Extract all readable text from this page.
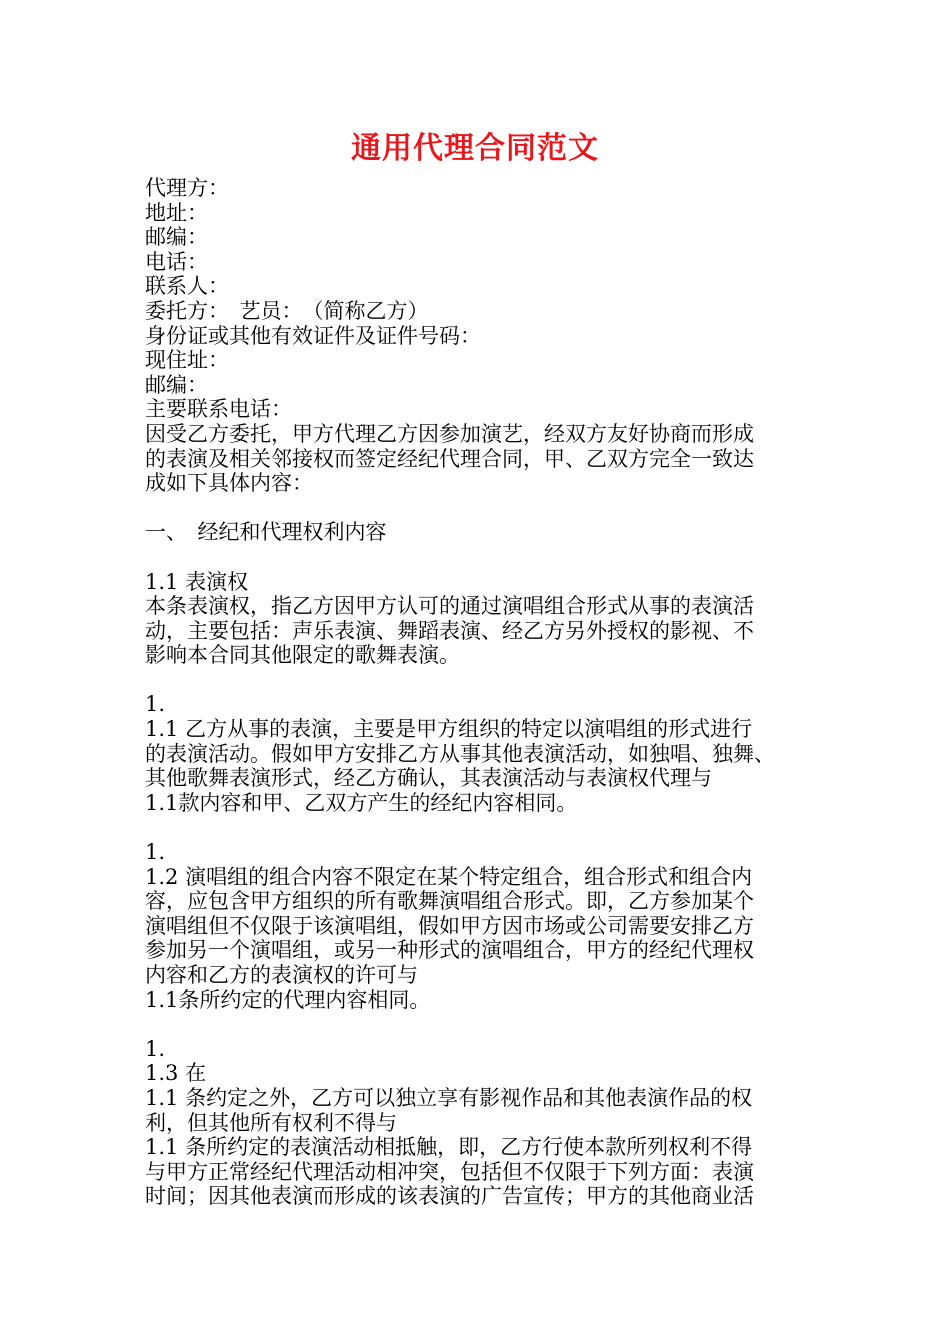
通用代理合同范文
代理方：
地址：
邮编：
电话：
联系人：
委托方：　艺员：　（简称乙方）
身份证或其他有效证件及证件号码：
现住址：
邮编：
主要联系电话：
因受乙方委托，甲方代理乙方因参加演艺，经双方友好协商而形成
的表演及相关邻接权而签定经纪代理合同，甲、乙双方完全一致达
成如下具体内容：
一、　经纪和代理权利内容
1.1 表演权
本条表演权，指乙方因甲方认可的通过演唱组合形式从事的表演活
动，主要包括：声乐表演、舞蹈表演、经乙方另外授权的影视、不
影响本合同其他限定的歌舞表演。
1.
1.1 乙方从事的表演，主要是甲方组织的特定以演唱组的形式进行
的表演活动。假如甲方安排乙方从事其他表演活动，如独唱、独舞、
其他歌舞表演形式，经乙方确认，其表演活动与表演权代理与
1.1款内容和甲、乙双方产生的经纪内容相同。
1.
1.2 演唱组的组合内容不限定在某个特定组合，组合形式和组合内
容，应包含甲方组织的所有歌舞演唱组合形式。即，乙方参加某个
演唱组但不仅限于该演唱组，假如甲方因市场或公司需要安排乙方
参加另一个演唱组，或另一种形式的演唱组合，甲方的经纪代理权
内容和乙方的表演权的许可与
1.1条所约定的代理内容相同。
1.
1.3 在
1.1 条约定之外，乙方可以独立享有影视作品和其他表演作品的权
利，但其他所有权利不得与
1.1 条所约定的表演活动相抵触，即，乙方行使本款所列权利不得
与甲方正常经纪代理活动相冲突，包括但不仅限于下列方面：表演
时间；因其他表演而形成的该表演的广告宣传；甲方的其他商业活
